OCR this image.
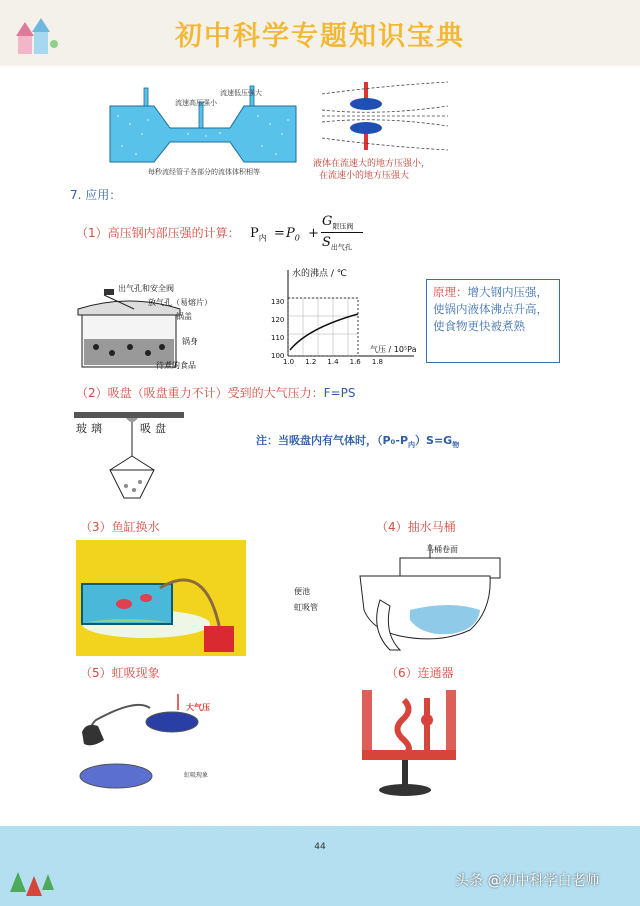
初中科学专题知识宝典
流速高压强小
流速低压强大
每秒流经管子各部分的流体体积相等
液体在流速大的地方压强小，
在流速小的地方压强大
7. 应用：
（1）高压钢内部压强的计算： $P_内 = P_0$ +
$G_{限压阀}$
$S_{出气孔}$
出气孔和安全阀
放气孔（易熔片）
锅盖
锅身
待煮的食品
水的沸点 / ℃
气压 / 10⁵Pa
130
120
110
100
1.0 1.2 1.4 1.6 1.8
原理：增大钢内压强，使锅内液体沸点升高，使食物更快被煮熟
（2）吸盘（吸盘重力不计）受到的大气压力：F=PS
玻璃	吸盘
注：当吸盘内有气体时，$(P_0-P_内)S=G_物$
（3）鱼缸换水	（4）抽水马桶
马桶卷面
便池
虹吸管
（5）虹吸现象	（6）连通器
大气压
虹吸现象
44
头条 @初中科学白老师
